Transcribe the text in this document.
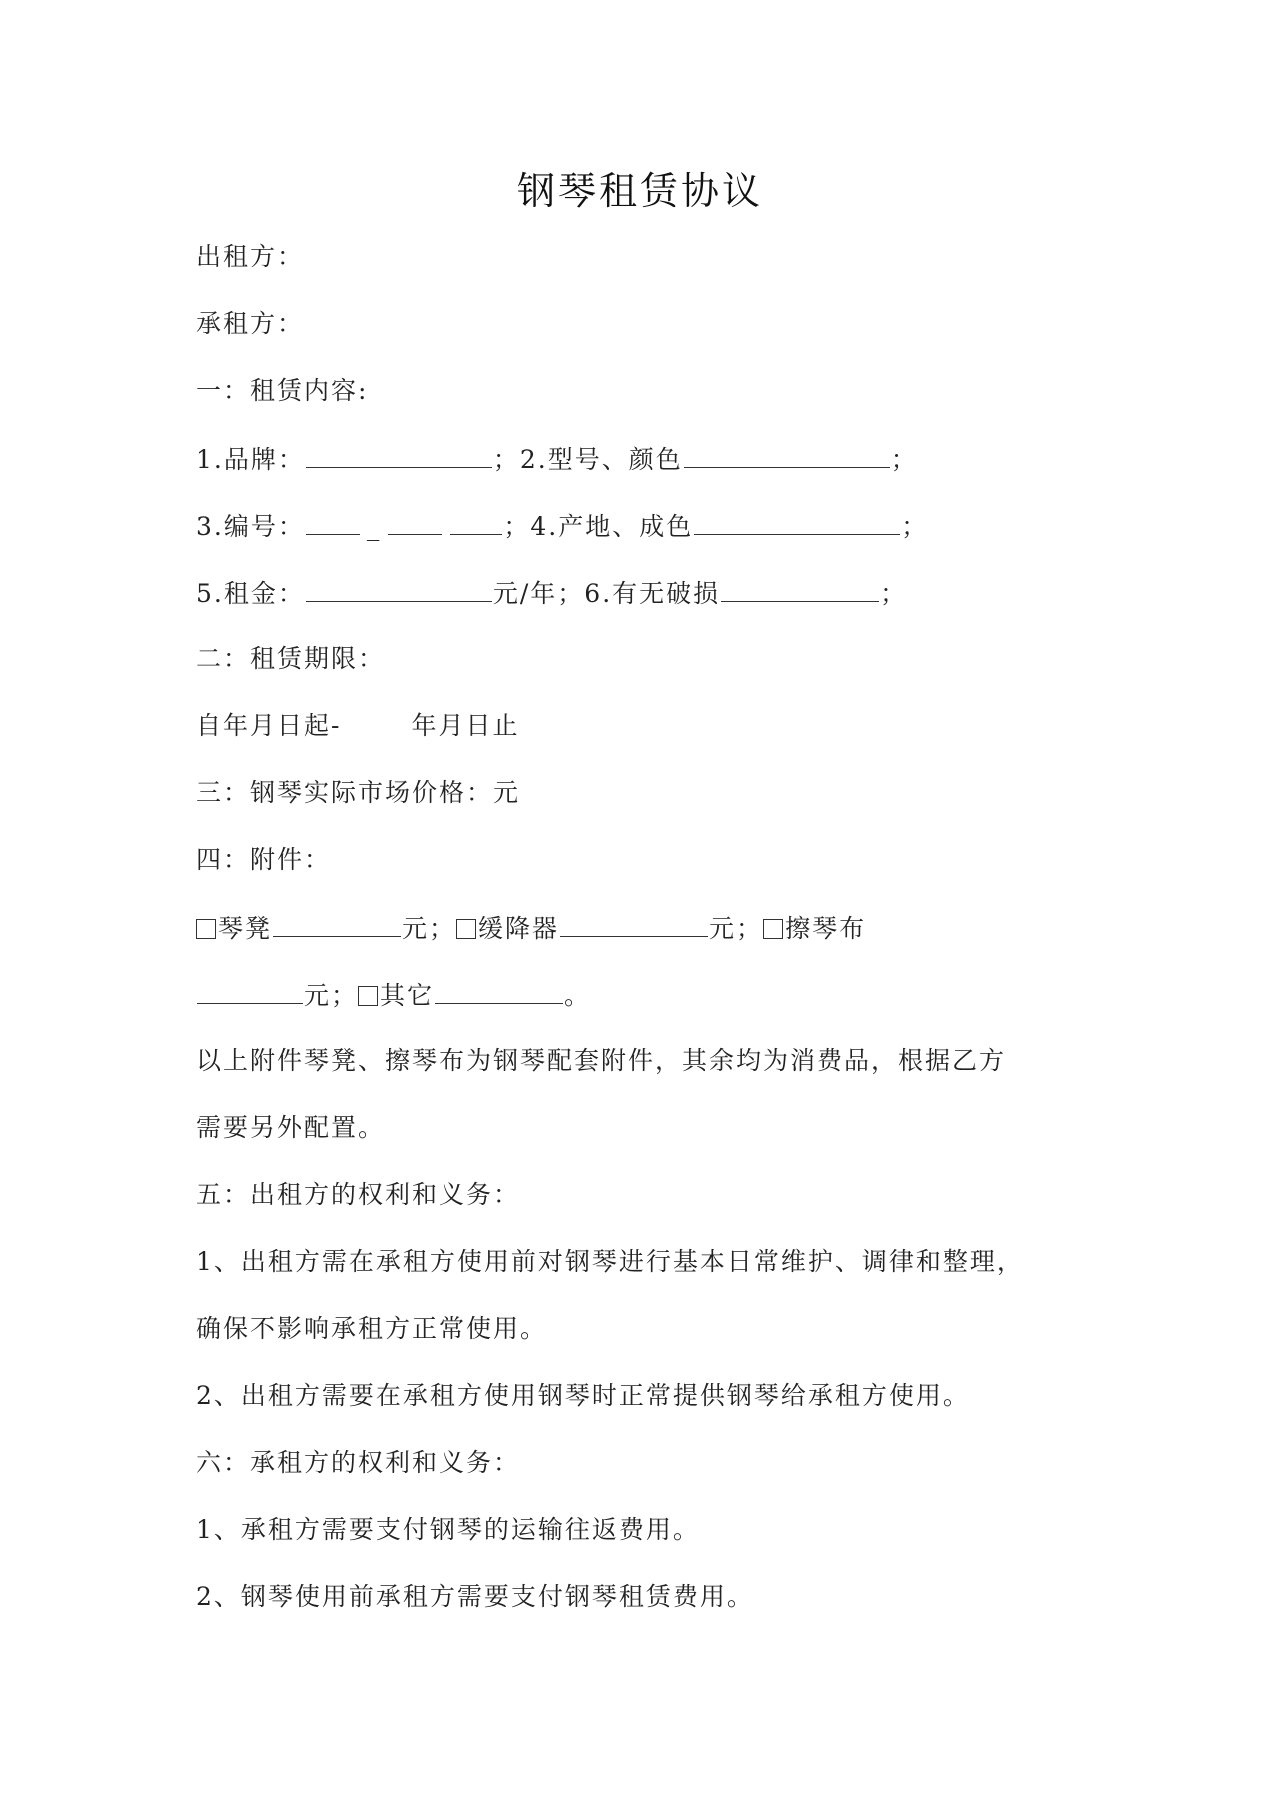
钢琴租赁协议
出租方：
承租方：
一：租赁内容:
1.品牌：	；2.型号、颜色	；
3.编号： _	；4.产地、成色	；
5.租金：	元/年；6.有无破损	；
二：租赁期限：
自年月日起-	年月日止
三：钢琴实际市场价格：元
四：附件：
琴凳	元； 缓降器	元； 擦琴布
元； 其它	。
以上附件琴凳、擦琴布为钢琴配套附件，其余均为消费品，根据乙方
需要另外配置。
五：出租方的权利和义务：
1、出租方需在承租方使用前对钢琴进行基本日常维护、调律和整理，
确保不影响承租方正常使用。
2、出租方需要在承租方使用钢琴时正常提供钢琴给承租方使用。
六：承租方的权利和义务：
1、承租方需要支付钢琴的运输往返费用。
2、钢琴使用前承租方需要支付钢琴租赁费用。
